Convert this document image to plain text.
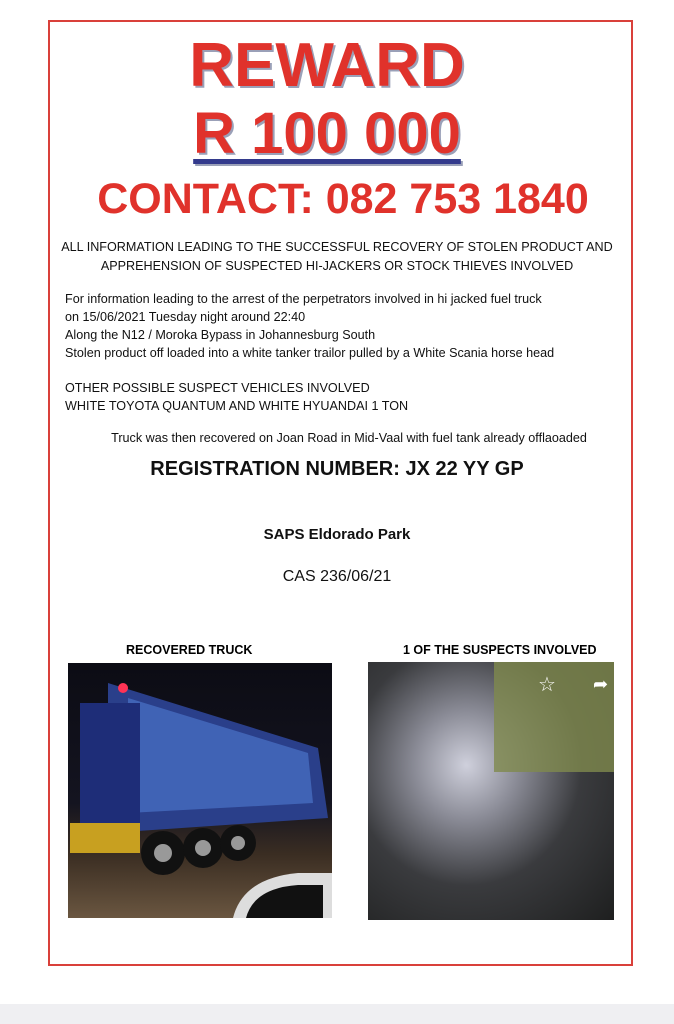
REWARD
R 100 000
CONTACT: 082 753 1840
ALL INFORMATION LEADING TO THE SUCCESSFUL RECOVERY OF STOLEN PRODUCT AND
APPREHENSION OF SUSPECTED HI-JACKERS OR STOCK THIEVES INVOLVED
For information leading to the arrest of the perpetrators involved in hi jacked fuel truck
on 15/06/2021 Tuesday night around 22:40
Along the N12 / Moroka Bypass in Johannesburg South
Stolen product off loaded into a white tanker trailor pulled by a White Scania horse head
OTHER POSSIBLE SUSPECT VEHICLES INVOLVED
WHITE TOYOTA QUANTUM AND WHITE HYUANDAI 1 TON
Truck was then recovered on Joan Road in Mid-Vaal with fuel tank already offlaoaded
REGISTRATION NUMBER: JX 22 YY GP
SAPS Eldorado Park
CAS 236/06/21
RECOVERED TRUCK	1 OF THE SUSPECTS INVOLVED
☆ ➦
